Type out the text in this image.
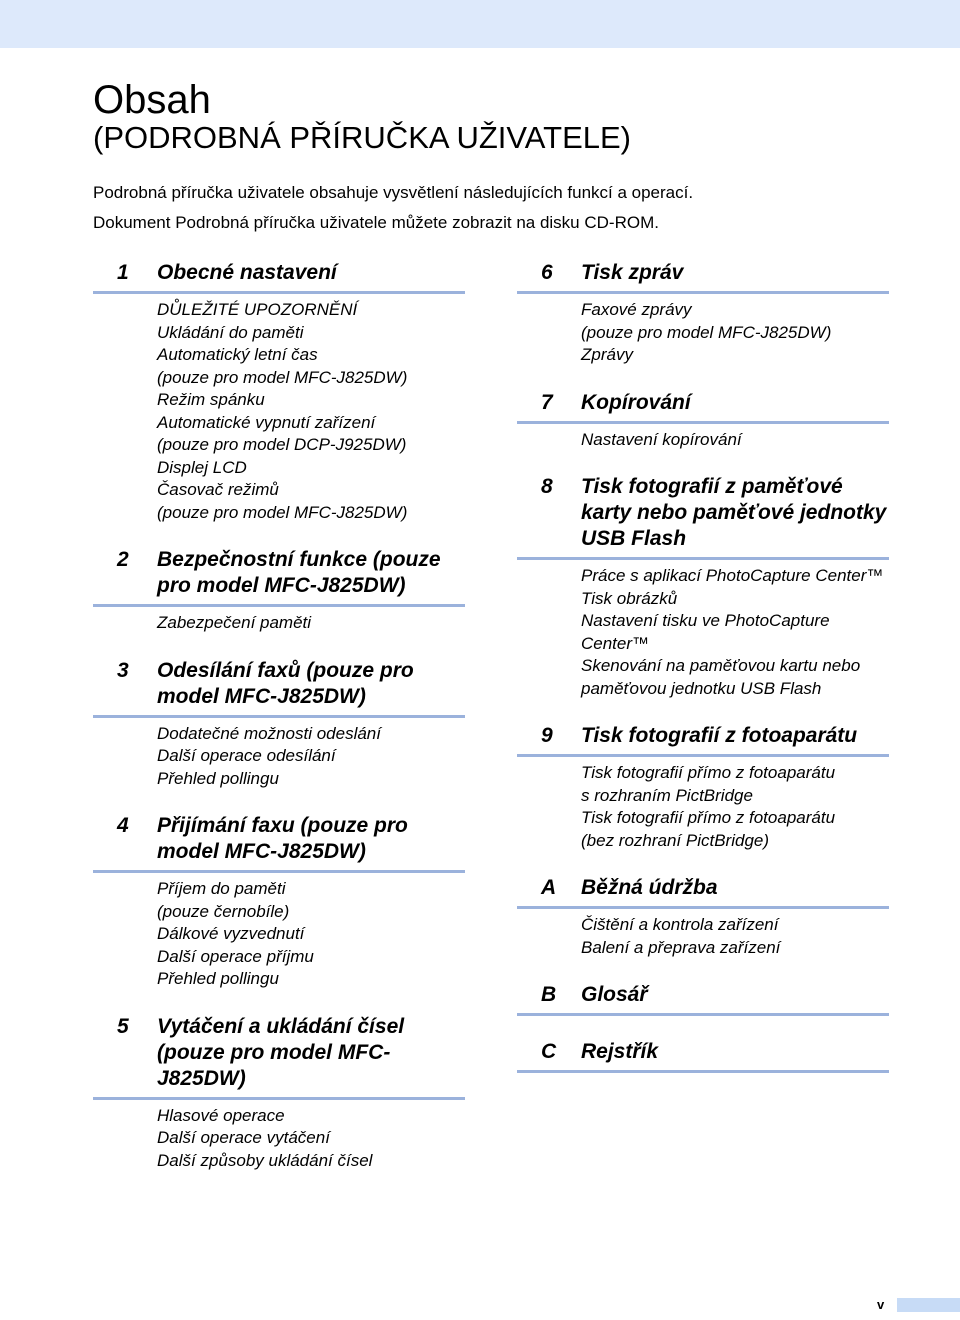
Obsah
(PODROBNÁ PŘÍRUČKA UŽIVATELE)

Podrobná příručka uživatele obsahuje vysvětlení následujících funkcí a operací.

Dokument Podrobná příručka uživatele můžete zobrazit na disku CD-ROM.

1	Obecné nastavení
DŮLEŽITÉ UPOZORNĚNÍ
Ukládání do paměti
Automatický letní čas
(pouze pro model MFC-J825DW)
Režim spánku
Automatické vypnutí zařízení
(pouze pro model DCP-J925DW)
Displej LCD
Časovač režimů
(pouze pro model MFC-J825DW)
2	Bezpečnostní funkce (pouze pro model MFC-J825DW)
Zabezpečení paměti
3	Odesílání faxů (pouze pro model MFC-J825DW)
Dodatečné možnosti odeslání
Další operace odesílání
Přehled pollingu
4	Přijímání faxu (pouze pro model MFC-J825DW)
Příjem do paměti
(pouze černobíle)
Dálkové vyzvednutí
Další operace příjmu
Přehled pollingu
5	Vytáčení a ukládání čísel (pouze pro model MFC-J825DW)
Hlasové operace
Další operace vytáčení
Další způsoby ukládání čísel
6	Tisk zpráv
Faxové zprávy
(pouze pro model MFC-J825DW)
Zprávy
7	Kopírování
Nastavení kopírování
8	Tisk fotografií z paměťové karty nebo paměťové jednotky USB Flash
Práce s aplikací PhotoCapture Center™
Tisk obrázků
Nastavení tisku ve PhotoCapture Center™
Skenování na paměťovou kartu nebo paměťovou jednotku USB Flash
9	Tisk fotografií z fotoaparátu
Tisk fotografií přímo z fotoaparátu
s rozhraním PictBridge
Tisk fotografií přímo z fotoaparátu
(bez rozhraní PictBridge)
A	Běžná údržba
Čištění a kontrola zařízení
Balení a přeprava zařízení
B	Glosář
C	Rejstřík
v
